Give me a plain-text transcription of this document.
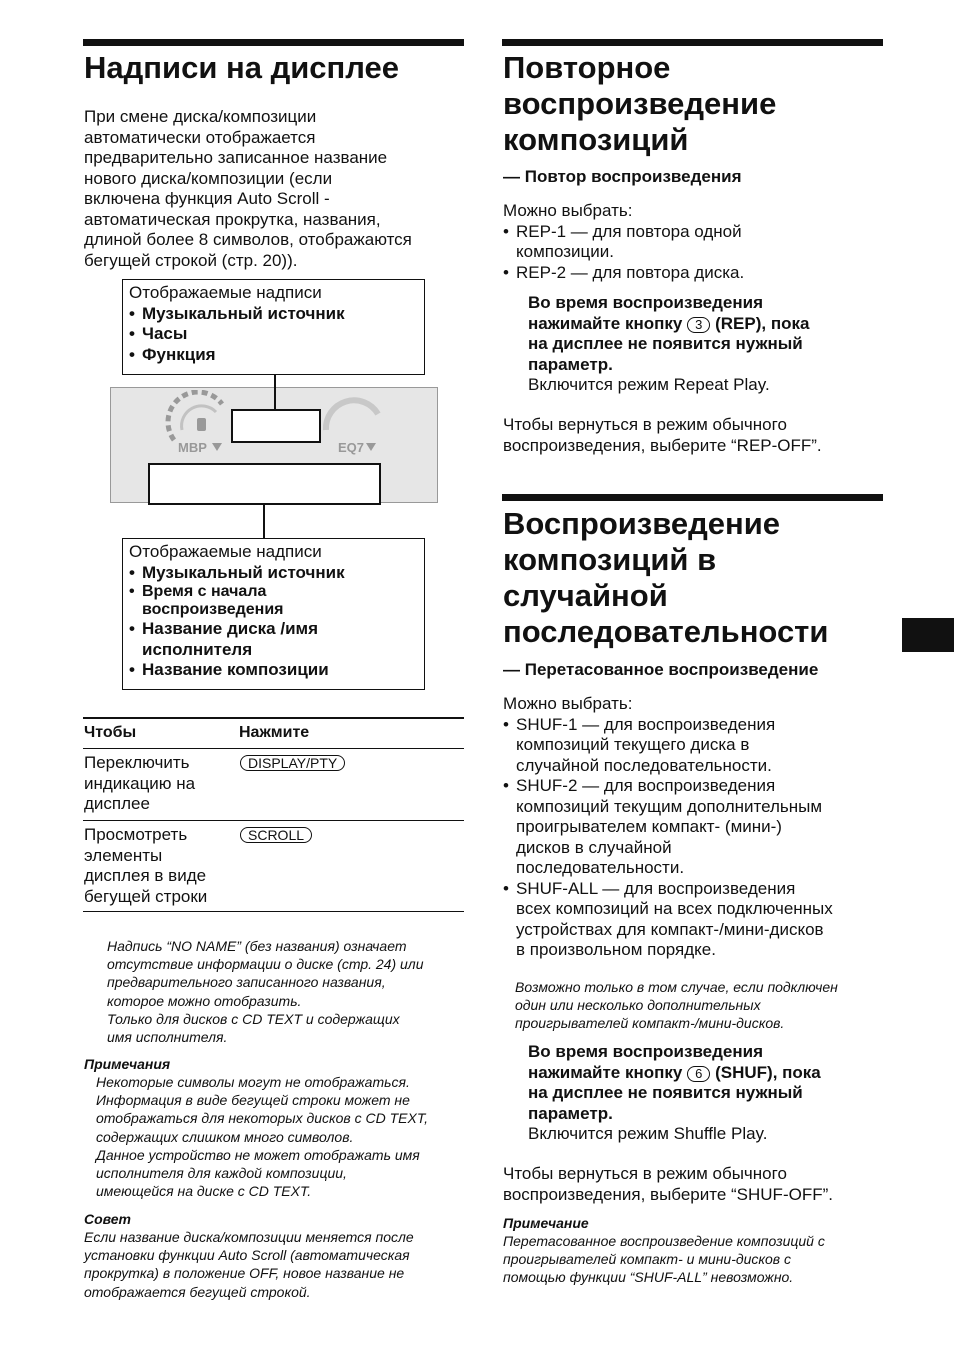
Надписи на дисплее
При смене диска/композиции
автоматически отображается
предварительно записанное название
нового диска/композиции (если
включена функция Auto Scroll -
автоматическая прокрутка, названия,
длиной более 8 символов, отображаются
бегущей строкой (стр. 20)).
Отображаемые надписи
• Музыкальный источник
• Часы
• Функция
MBP	EQ7
Отображаемые надписи
• Музыкальный источник
• Время с начала
воспроизведения
• Название диска /имя
исполнителя
• Название композиции
Чтобы	Нажмите
Переключить
индикацию на
дисплее
DISPLAY/PTY
Просмотреть
элементы
дисплея в виде
бегущей строки
SCROLL
Надпись “NO NAME” (без названия) означает
отсутствие информации о диске (стр. 24) или
предварительного записанного названия,
которое можно отобразить.
Только для дисков с CD TEXT и содержащих
имя исполнителя.
Примечания
Некоторые символы могут не отображаться.
Информация в виде бегущей строки может не
отображаться для некоторых дисков с CD TEXT,
содержащих слишком много символов.
Данное устройство не может отображать имя
исполнителя для каждой композиции,
имеющейся на диске с CD TEXT.
Совет
Если название диска/композиции меняется после
установки функции Auto Scroll (автоматическая
прокрутка) в положение OFF, новое название не
отображается бегущей строкой.
Повторное
воспроизведение
композиций
— Повтор воспроизведения
Можно выбрать:
• REP-1 — для повтора одной
композиции.
• REP-2 — для повтора диска.
Во время воспроизведения
нажимайте кнопку 3 (REP), пока
на дисплее не появится нужный
параметр.
Включится режим Repeat Play.
Чтобы вернуться в режим обычного
воспроизведения, выберите “REP-OFF”.
Воспроизведение
композиций в
случайной
последовательности
— Перетасованное воспроизведение
Можно выбрать:
• SHUF-1 — для воспроизведения
композиций текущего диска в
случайной последовательности.
• SHUF-2 — для воспроизведения
композиций текущим дополнительным
проигрывателем компакт- (мини-)
дисков в случайной
последовательности.
• SHUF-ALL — для воспроизведения
всех композиций на всех подключенных
устройствах для компакт-/мини-дисков
в произвольном порядке.
Возможно только в том случае, если подключен
один или несколько дополнительных
проигрывателей компакт-/мини-дисков.
Во время воспроизведения
нажимайте кнопку 6 (SHUF), пока
на дисплее не появится нужный
параметр.
Включится режим Shuffle Play.
Чтобы вернуться в режим обычного
воспроизведения, выберите “SHUF-OFF”.
Примечание
Перетасованное воспроизведение композиций с
проигрывателей компакт- и мини-дисков с
помощью функции “SHUF-ALL” невозможно.
